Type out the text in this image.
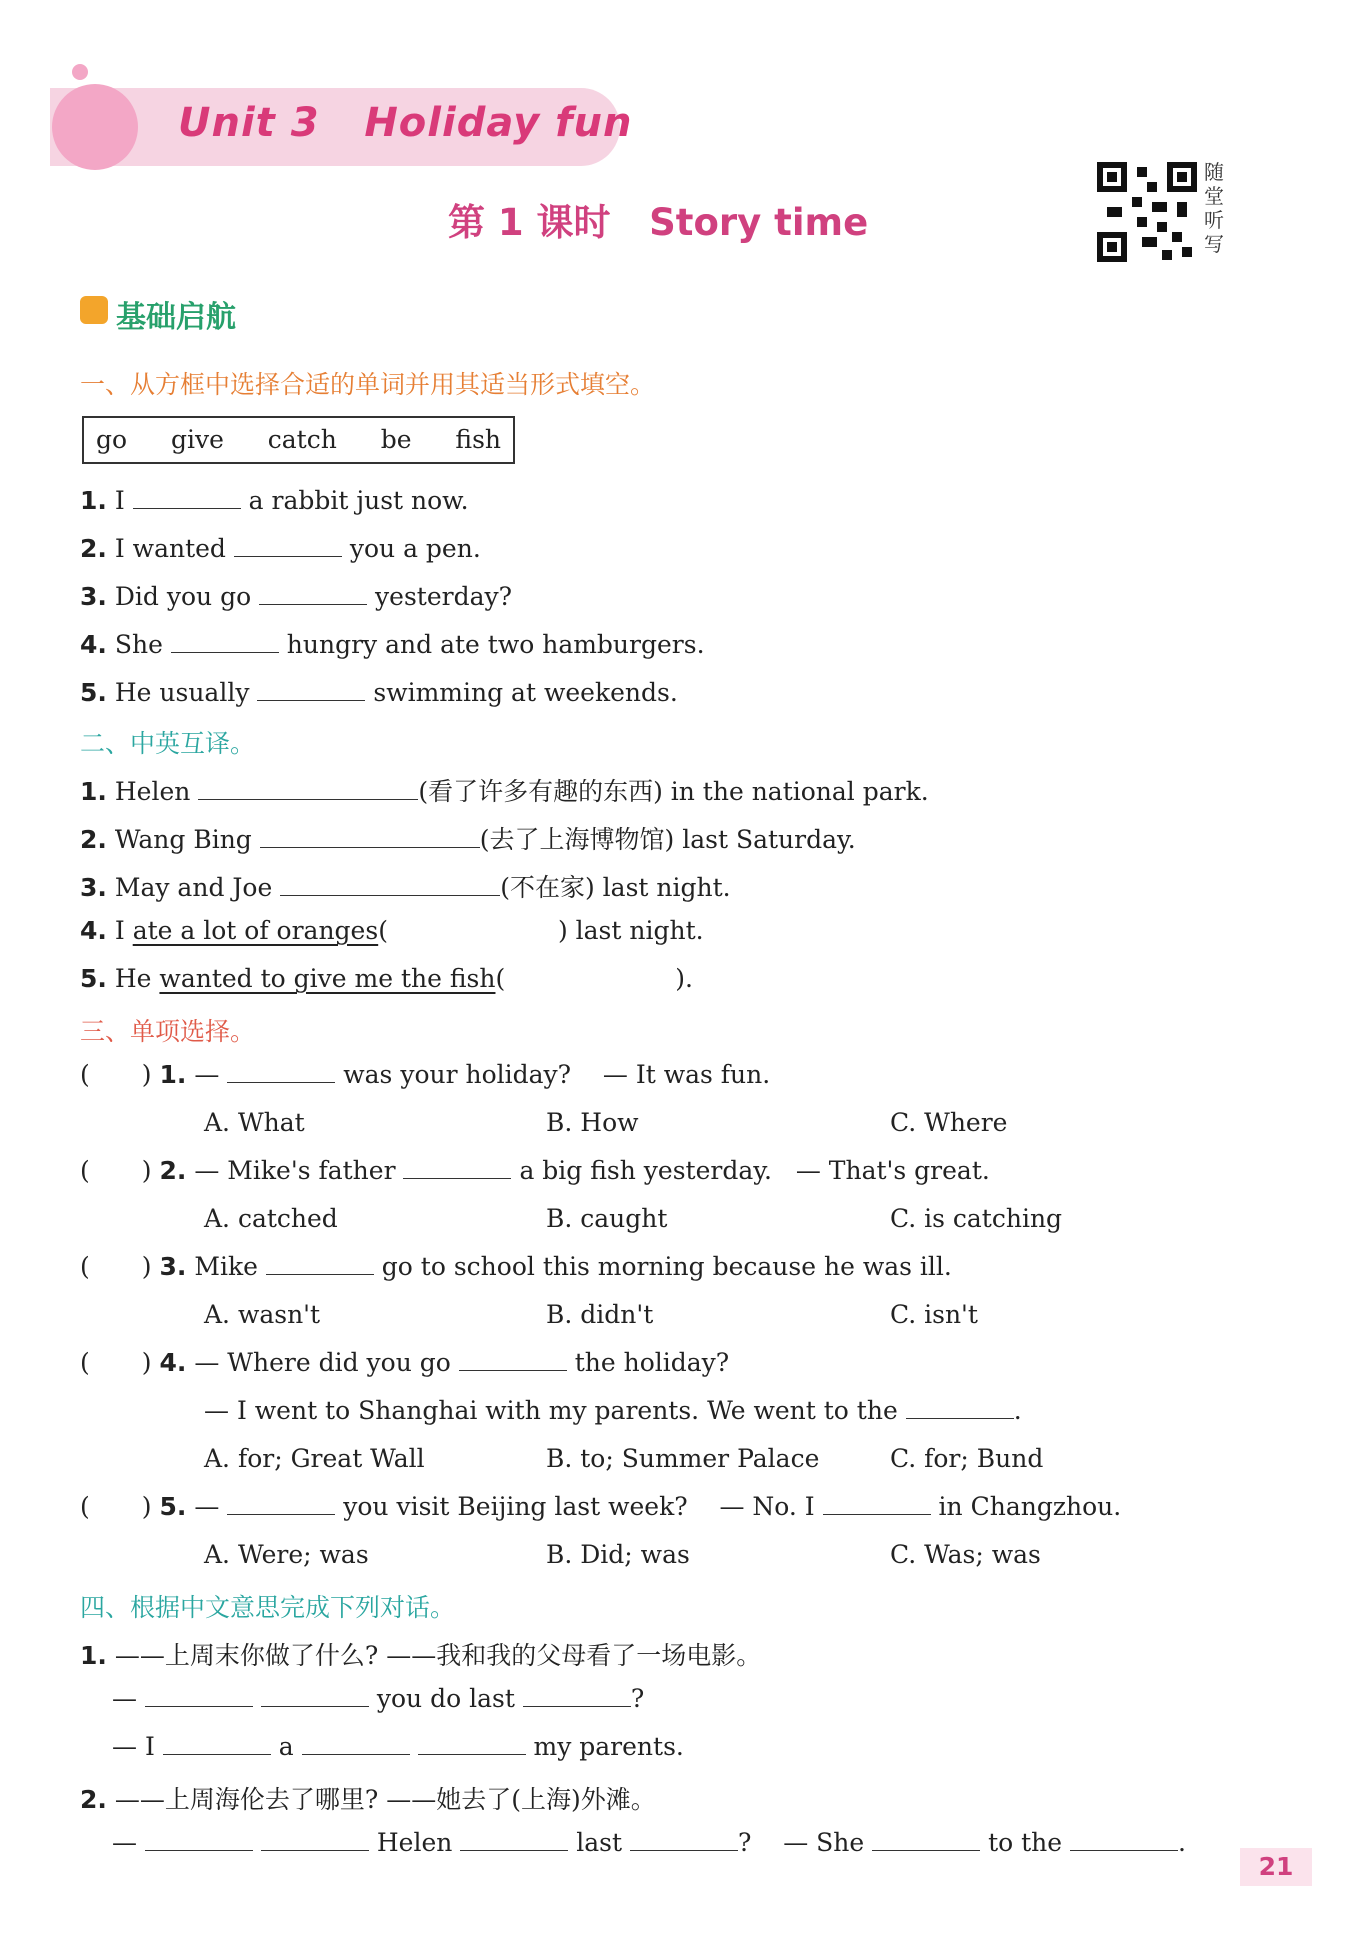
Unit 3   Holiday fun
第 1 课时   Story time
随堂听写
基础启航
一、从方框中选择合适的单词并用其适当形式填空。
go  give  catch  be  fish
1. I	a rabbit just now.
2. I wanted	you a pen.
3. Did you go	yesterday?
4. She	hungry and ate two hamburgers.
5. He usually	swimming at weekends.
二、中英互译。
1. Helen	(看了许多有趣的东西) in the national park.
2. Wang Bing	(去了上海博物馆) last Saturday.
3. May and Joe	(不在家) last night.
4. I ate a lot of oranges(	) last night.
5. He wanted to give me the fish(	).
三、单项选择。
( ) 1. —	was your holiday? — It was fun.
A. What	B. How	C. Where
( ) 2. — Mike's father	a big fish yesterday. — That's great.
A. catched	B. caught	C. is catching
( ) 3. Mike	go to school this morning because he was ill.
A. wasn't	B. didn't	C. isn't
( ) 4. — Where did you go	the holiday?
— I went to Shanghai with my parents. We went to the	.
A. for; Great Wall	B. to; Summer Palace	C. for; Bund
( ) 5. —	you visit Beijing last week? — No. I	in Changzhou.
A. Were; was	B. Did; was	C. Was; was
四、根据中文意思完成下列对话。
1. ——上周末你做了什么? ——我和我的父母看了一场电影。
—	you do last	?
— I	a	my parents.
2. ——上周海伦去了哪里? ——她去了(上海)外滩。
—	Helen	last	? — She	to the	.
21
